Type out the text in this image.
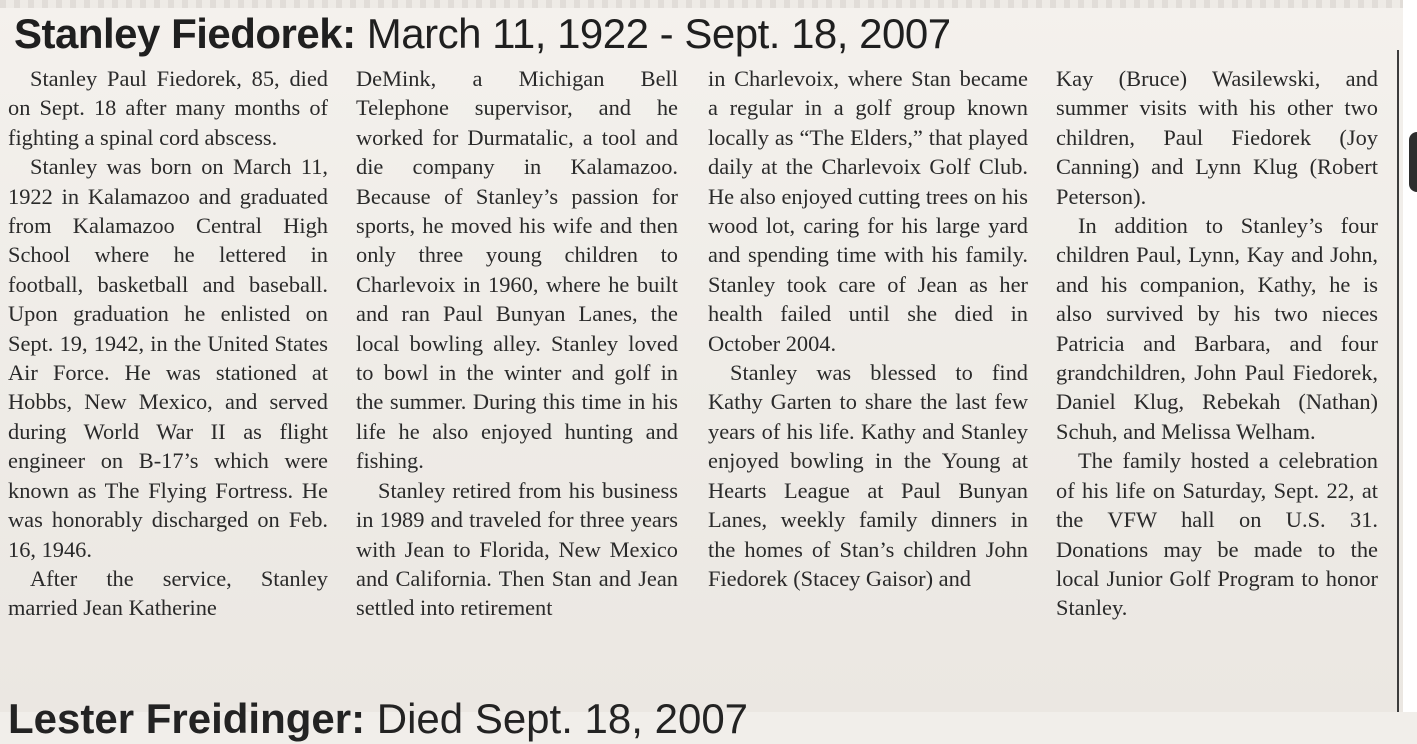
Stanley Fiedorek: March 11, 1922 - Sept. 18, 2007

Stanley Paul Fiedorek, 85, died on Sept. 18 after many months of fighting a spinal cord abscess.

Stanley was born on March 11, 1922 in Kalamazoo and graduated from Kalamazoo Central High School where he lettered in football, basketball and baseball. Upon graduation he enlisted on Sept. 19, 1942, in the United States Air Force. He was stationed at Hobbs, New Mexico, and served during World War II as flight engineer on B-17’s which were known as The Flying Fortress. He was honorably discharged on Feb. 16, 1946.

After the service, Stanley married Jean Katherine

DeMink, a Michigan Bell Telephone supervisor, and he worked for Durmatalic, a tool and die company in Kalamazoo. Because of Stanley’s passion for sports, he moved his wife and then only three young children to Charlevoix in 1960, where he built and ran Paul Bunyan Lanes, the local bowling alley. Stanley loved to bowl in the winter and golf in the summer. During this time in his life he also enjoyed hunting and fishing.

Stanley retired from his business in 1989 and traveled for three years with Jean to Florida, New Mexico and California. Then Stan and Jean settled into retirement

in Charlevoix, where Stan became a regular in a golf group known locally as “The Elders,” that played daily at the Charlevoix Golf Club. He also enjoyed cutting trees on his wood lot, caring for his large yard and spending time with his family. Stanley took care of Jean as her health failed until she died in October 2004.

Stanley was blessed to find Kathy Garten to share the last few years of his life. Kathy and Stanley enjoyed bowling in the Young at Hearts League at Paul Bunyan Lanes, weekly family dinners in the homes of Stan’s children John Fiedorek (Stacey Gaisor) and

Kay (Bruce) Wasilewski, and summer visits with his other two children, Paul Fiedorek (Joy Canning) and Lynn Klug (Robert Peterson).

In addition to Stanley’s four children Paul, Lynn, Kay and John, and his companion, Kathy, he is also survived by his two nieces Patricia and Barbara, and four grandchildren, John Paul Fiedorek, Daniel Klug, Rebekah (Nathan) Schuh, and Melissa Welham.

The family hosted a celebration of his life on Saturday, Sept. 22, at the VFW hall on U.S. 31. Donations may be made to the local Junior Golf Program to honor Stanley.

Lester Freidinger: Died Sept. 18, 2007
